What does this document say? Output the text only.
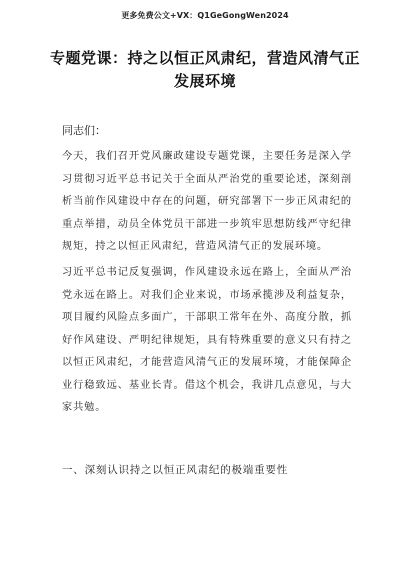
更多免费公文+VX：Q1GeGongWen2024
专题党课：持之以恒正风肃纪，营造风清气正发展环境
同志们：
今天，我们召开党风廉政建设专题党课，主要任务是深入学习贯彻习近平总书记关于全面从严治党的重要论述，深刻剖析当前作风建设中存在的问题，研究部署下一步正风肃纪的重点举措，动员全体党员干部进一步筑牢思想防线严守纪律规矩，持之以恒正风肃纪，营造风清气正的发展环境。
习近平总书记反复强调，作风建设永远在路上，全面从严治党永远在路上。对我们企业来说，市场承揽涉及利益复杂，项目履约风险点多面广，干部职工常年在外、高度分散，抓好作风建设、严明纪律规矩，具有特殊重要的意义只有持之以恒正风肃纪，才能营造风清气正的发展环境，才能保障企业行稳致远、基业长青。借这个机会，我讲几点意见，与大家共勉。
一、深刻认识持之以恒正风肃纪的极端重要性
